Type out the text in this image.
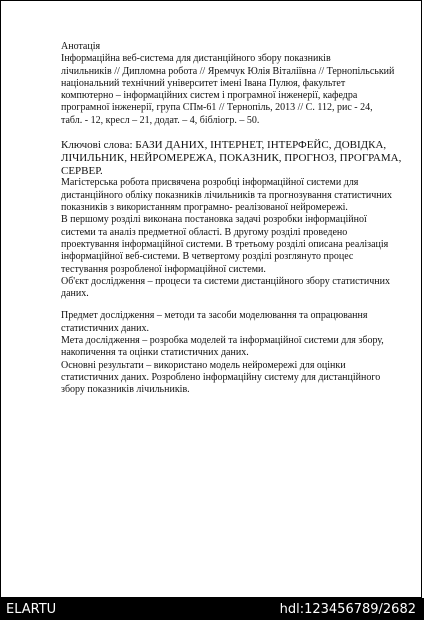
Анотація
Інформаційна веб-система для дистанційного збору показників
лічильників // Дипломна робота // Яремчук Юлія Віталіївна // Тернопільський
національний технічний університет імені Івана Пулюя, факультет
компютерно – інформаційних систем і програмної інженерії, кафедра
програмної інженерії, група СПм-61 // Тернопіль, 2013 // С. 112, рис - 24,
табл. - 12, кресл – 21, додат. – 4, бібліогр. – 50.
Ключові слова: БАЗИ ДАНИХ, ІНТЕРНЕТ, ІНТЕРФЕЙС, ДОВІДКА,
ЛІЧИЛЬНИК, НЕЙРОМЕРЕЖА, ПОКАЗНИК, ПРОГНОЗ, ПРОГРАМА,
СЕРВЕР.
Магістерська робота присвячена розробці інформаційної системи для
дистанційного обліку показників лічильників та прогнозування статистичних
показників з використанням програмно- реалізованої нейромережі.
В першому розділі виконана постановка задачі розробки інформаційної
системи та аналіз предметної області. В другому розділі проведено
проектування інформаційної системи. В третьому розділі описана реалізація
інформаційної веб-системи. В четвертому розділі розглянуто процес
тестування розробленої інформаційної системи.
Об'єкт дослідження – процеси та системи дистанційного збору статистичних
даних.
Предмет дослідження – методи та засоби моделювання та опрацювання
статистичних даних.
Мета дослідження – розробка моделей та інформаційної системи для збору,
накопичення та оцінки статистичних даних.
Основні результати – використано модель нейромережі для оцінки
статистичних даних. Розроблено інформаційну систему для дистанційного
збору показників лічильників.
ELARTU	hdl:123456789/2682
